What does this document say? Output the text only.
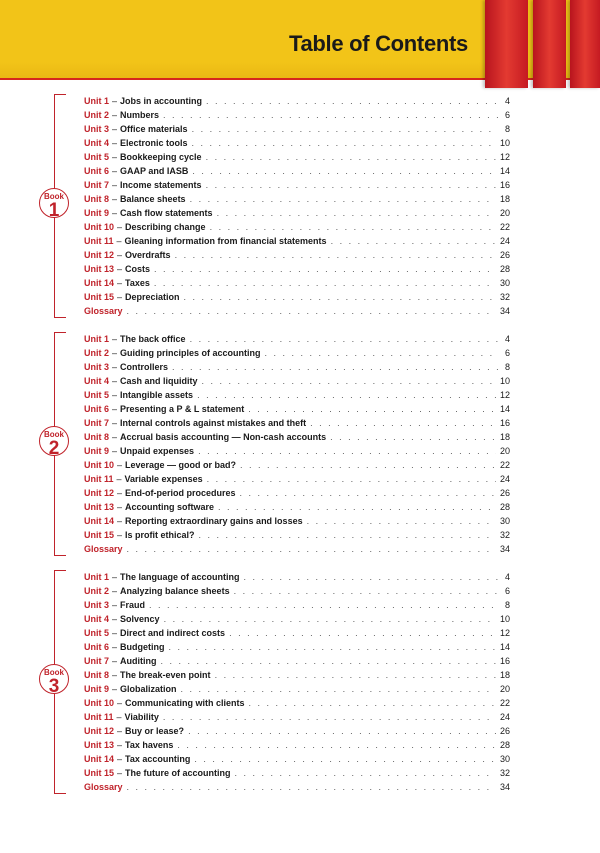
Table of Contents
Book
1
Unit 1 – Jobs in accounting . . .	4
Unit 2 – Numbers . . .	6
Unit 3 – Office materials . . .	8
Unit 4 – Electronic tools . . .	10
Unit 5 – Bookkeeping cycle . . .	12
Unit 6 – GAAP and IASB . . .	14
Unit 7 – Income statements . . .	16
Unit 8 – Balance sheets . . .	18
Unit 9 – Cash flow statements . . .	20
Unit 10 – Describing change . . .	22
Unit 11 – Gleaning information from financial statements . . .	24
Unit 12 – Overdrafts . . .	26
Unit 13 – Costs . . .	28
Unit 14 – Taxes . . .	30
Unit 15 – Depreciation . . .	32
Glossary . . .	34
Book
2
Unit 1 – The back office . . .	4
Unit 2 – Guiding principles of accounting . . .	6
Unit 3 – Controllers . . .	8
Unit 4 – Cash and liquidity . . .	10
Unit 5 – Intangible assets . . .	12
Unit 6 – Presenting a P & L statement . . .	14
Unit 7 – Internal controls against mistakes and theft . . .	16
Unit 8 – Accrual basis accounting — Non-cash accounts . . .	18
Unit 9 – Unpaid expenses . . .	20
Unit 10 – Leverage — good or bad? . . .	22
Unit 11 – Variable expenses . . .	24
Unit 12 – End-of-period procedures . . .	26
Unit 13 – Accounting software . . .	28
Unit 14 – Reporting extraordinary gains and losses . . .	30
Unit 15 – Is profit ethical? . . .	32
Glossary . . .	34
Book
3
Unit 1 – The language of accounting . . .	4
Unit 2 – Analyzing balance sheets . . .	6
Unit 3 – Fraud . . .	8
Unit 4 – Solvency . . .	10
Unit 5 – Direct and indirect costs . . .	12
Unit 6 – Budgeting . . .	14
Unit 7 – Auditing . . .	16
Unit 8 – The break-even point . . .	18
Unit 9 – Globalization . . .	20
Unit 10 – Communicating with clients . . .	22
Unit 11 – Viability . . .	24
Unit 12 – Buy or lease? . . .	26
Unit 13 – Tax havens . . .	28
Unit 14 – Tax accounting . . .	30
Unit 15 – The future of accounting . . .	32
Glossary . . .	34
